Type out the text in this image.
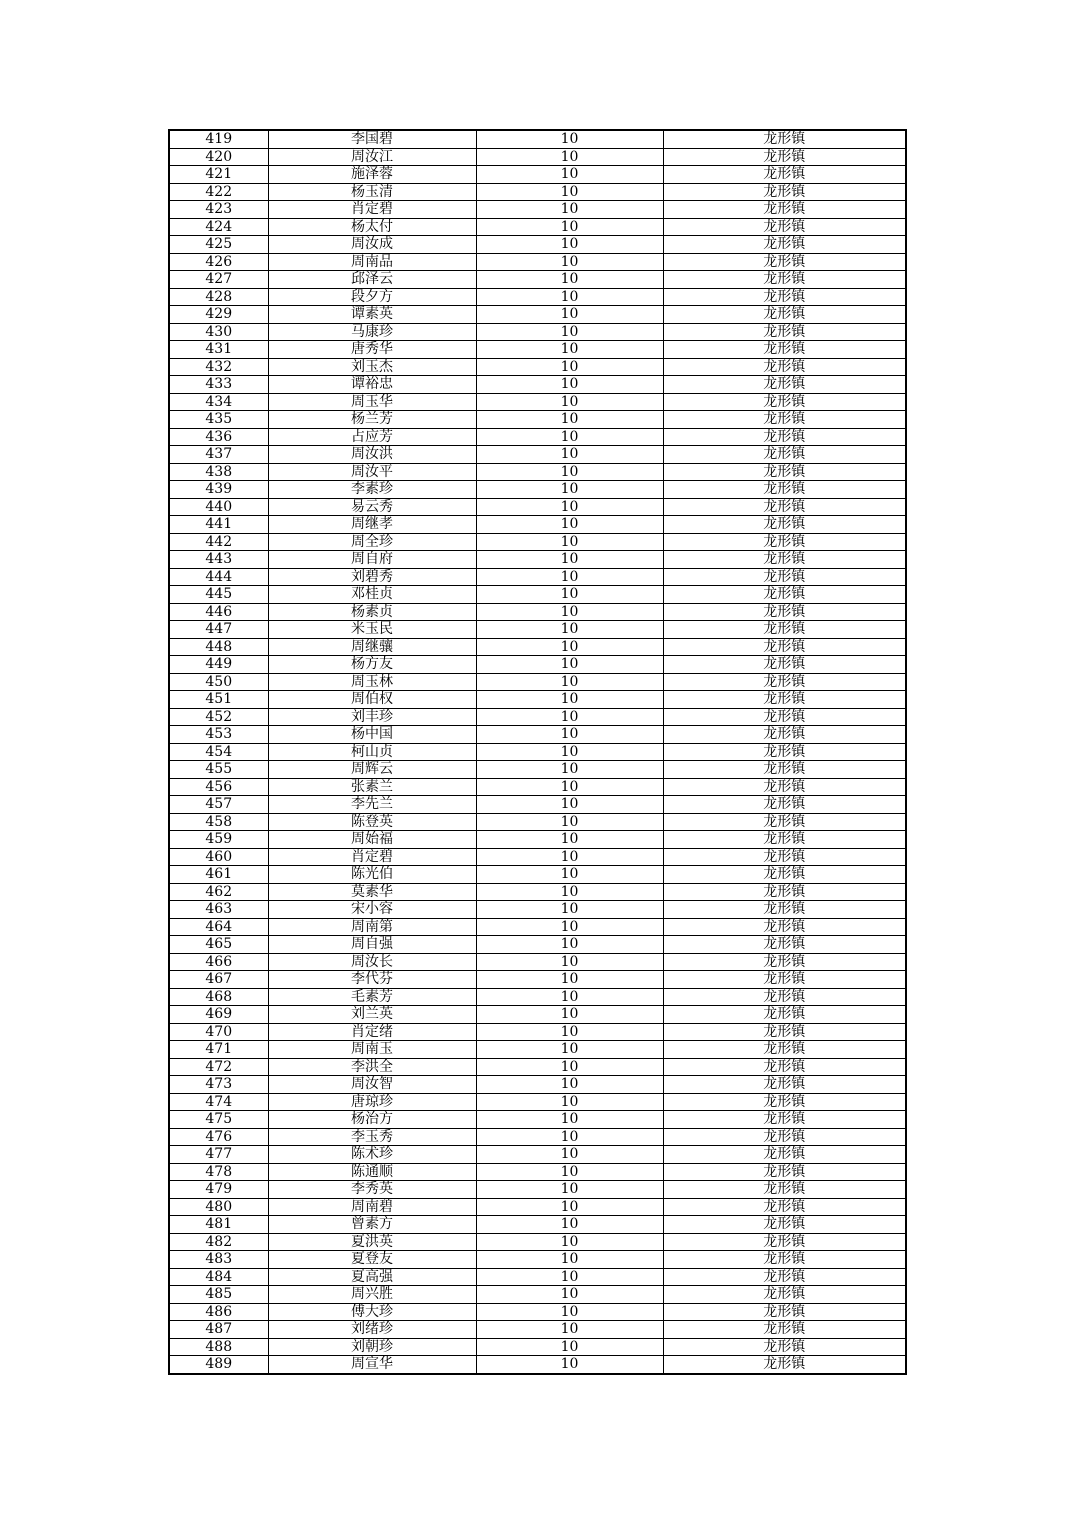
419	李国碧	10	龙形镇
420	周汝江	10	龙形镇
421	施泽蓉	10	龙形镇
422	杨玉清	10	龙形镇
423	肖定碧	10	龙形镇
424	杨太付	10	龙形镇
425	周汝成	10	龙形镇
426	周南品	10	龙形镇
427	邱泽云	10	龙形镇
428	段夕方	10	龙形镇
429	谭素英	10	龙形镇
430	马康珍	10	龙形镇
431	唐秀华	10	龙形镇
432	刘玉杰	10	龙形镇
433	谭裕忠	10	龙形镇
434	周玉华	10	龙形镇
435	杨兰芳	10	龙形镇
436	占应芳	10	龙形镇
437	周汝洪	10	龙形镇
438	周汝平	10	龙形镇
439	李素珍	10	龙形镇
440	易云秀	10	龙形镇
441	周继孝	10	龙形镇
442	周全珍	10	龙形镇
443	周自府	10	龙形镇
444	刘碧秀	10	龙形镇
445	邓桂贞	10	龙形镇
446	杨素贞	10	龙形镇
447	米玉民	10	龙形镇
448	周继骧	10	龙形镇
449	杨方友	10	龙形镇
450	周玉林	10	龙形镇
451	周伯权	10	龙形镇
452	刘丰珍	10	龙形镇
453	杨中国	10	龙形镇
454	柯山贞	10	龙形镇
455	周辉云	10	龙形镇
456	张素兰	10	龙形镇
457	李先兰	10	龙形镇
458	陈登英	10	龙形镇
459	周始福	10	龙形镇
460	肖定碧	10	龙形镇
461	陈光伯	10	龙形镇
462	莫素华	10	龙形镇
463	宋小容	10	龙形镇
464	周南第	10	龙形镇
465	周自强	10	龙形镇
466	周汝长	10	龙形镇
467	李代芬	10	龙形镇
468	毛素芳	10	龙形镇
469	刘兰英	10	龙形镇
470	肖定绪	10	龙形镇
471	周南玉	10	龙形镇
472	李洪全	10	龙形镇
473	周汝智	10	龙形镇
474	唐琼珍	10	龙形镇
475	杨治方	10	龙形镇
476	李玉秀	10	龙形镇
477	陈术珍	10	龙形镇
478	陈通顺	10	龙形镇
479	李秀英	10	龙形镇
480	周南碧	10	龙形镇
481	曾素方	10	龙形镇
482	夏洪英	10	龙形镇
483	夏登友	10	龙形镇
484	夏高强	10	龙形镇
485	周兴胜	10	龙形镇
486	傅大珍	10	龙形镇
487	刘绪珍	10	龙形镇
488	刘朝珍	10	龙形镇
489	周宣华	10	龙形镇
